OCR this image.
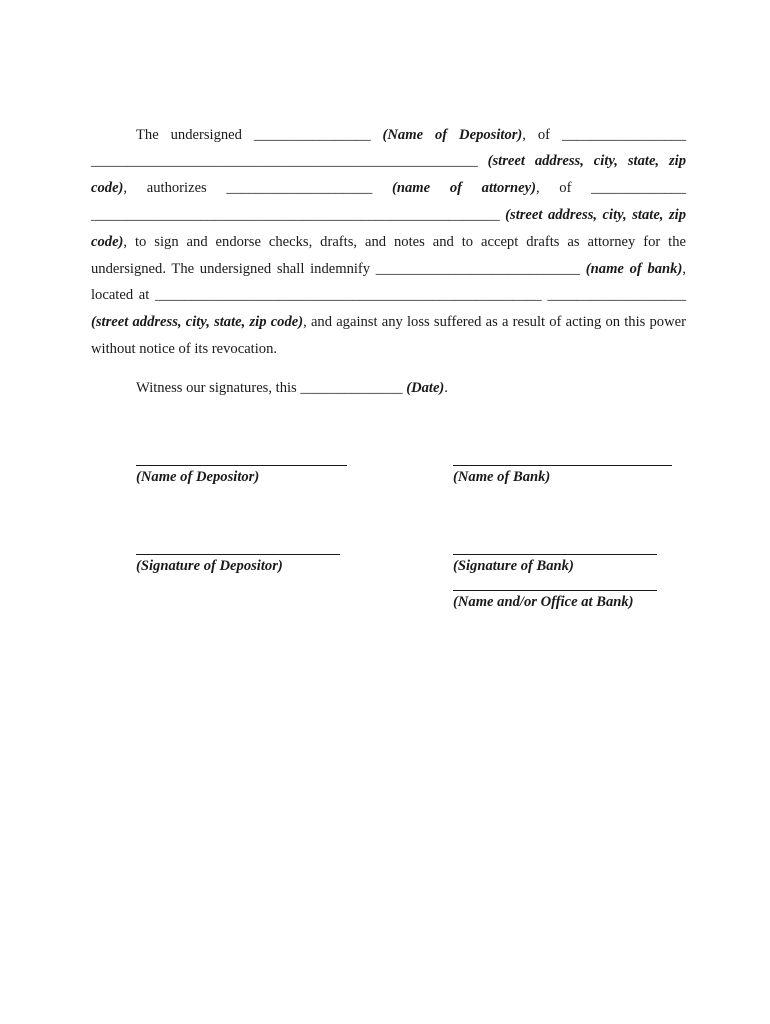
The undersigned ________________ (Name of Depositor), of _________________ _____________________________________________________ (street address, city, state, zip code), authorizes ____________________ (name of attorney), of _____________ ________________________________________________________ (street address, city, state, zip code), to sign and endorse checks, drafts, and notes and to accept drafts as attorney for the undersigned. The undersigned shall indemnify ____________________________ (name of bank), located at _____________________________________________________ ___________________ (street address, city, state, zip code), and against any loss suffered as a result of acting on this power without notice of its revocation.

Witness our signatures, this ______________ (Date).
(Name of Depositor)	(Name of Bank)
(Signature of Depositor)	(Signature of Bank)
(Name and/or Office at Bank)
